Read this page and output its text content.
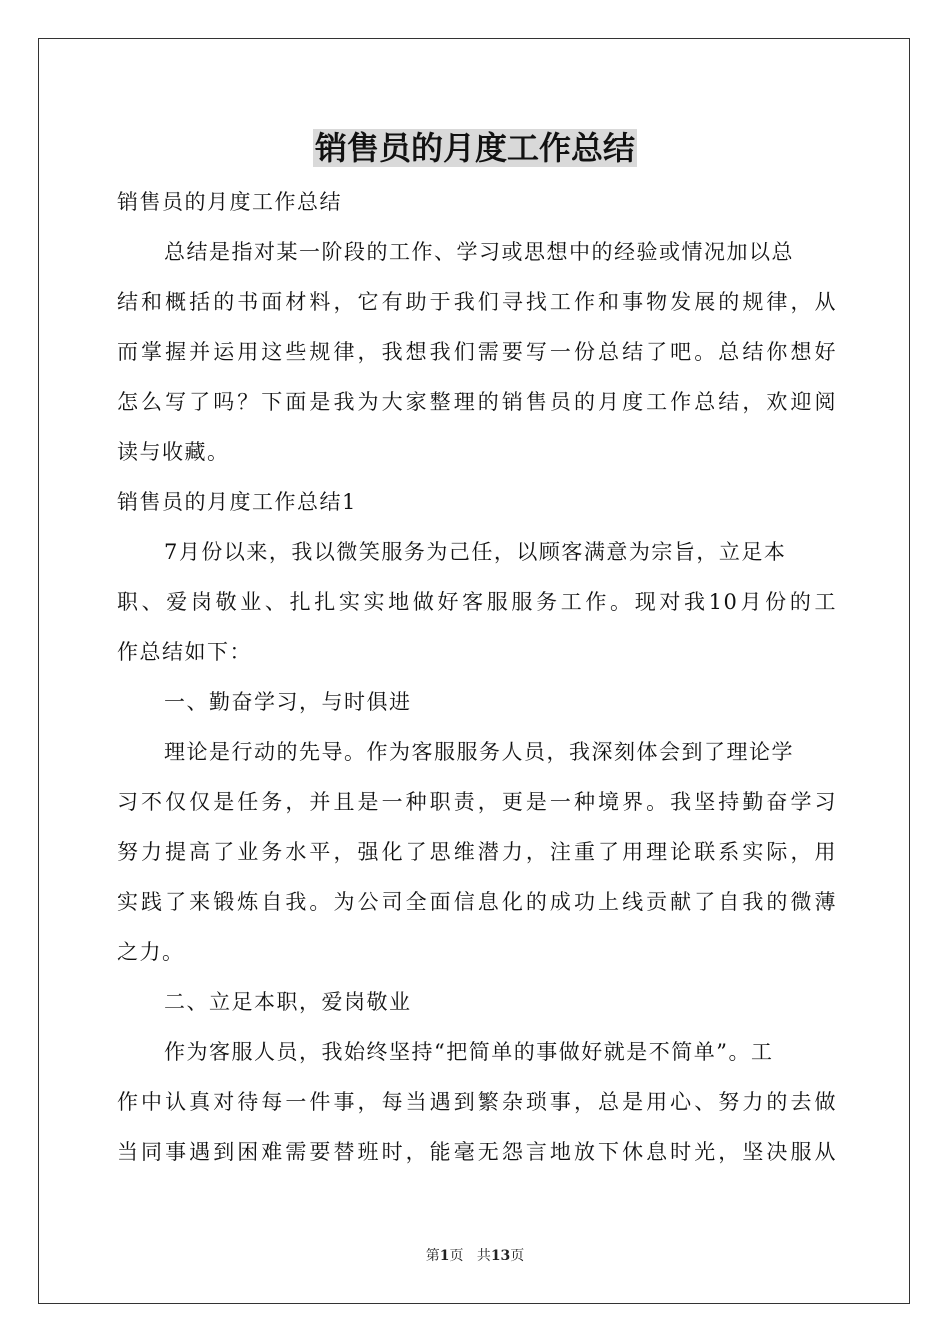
销售员的月度工作总结

销售员的月度工作总结

总结是指对某一阶段的工作、学习或思想中的经验或情况加以总

结和概括的书面材料，它有助于我们寻找工作和事物发展的规律，从

而掌握并运用这些规律，我想我们需要写一份总结了吧。总结你想好

怎么写了吗？下面是我为大家整理的销售员的月度工作总结，欢迎阅

读与收藏。

销售员的月度工作总结1

7月份以来，我以微笑服务为己任，以顾客满意为宗旨，立足本

职、爱岗敬业、扎扎实实地做好客服服务工作。现对我10月份的工

作总结如下：

一、勤奋学习，与时俱进

理论是行动的先导。作为客服服务人员，我深刻体会到了理论学

习不仅仅是任务，并且是一种职责，更是一种境界。我坚持勤奋学习

努力提高了业务水平，强化了思维潜力，注重了用理论联系实际，用

实践了来锻炼自我。为公司全面信息化的成功上线贡献了自我的微薄

之力。

二、立足本职，爱岗敬业

作为客服人员，我始终坚持“把简单的事做好就是不简单”。工

作中认真对待每一件事，每当遇到繁杂琐事，总是用心、努力的去做

当同事遇到困难需要替班时，能毫无怨言地放下休息时光，坚决服从

第1页 共13页
